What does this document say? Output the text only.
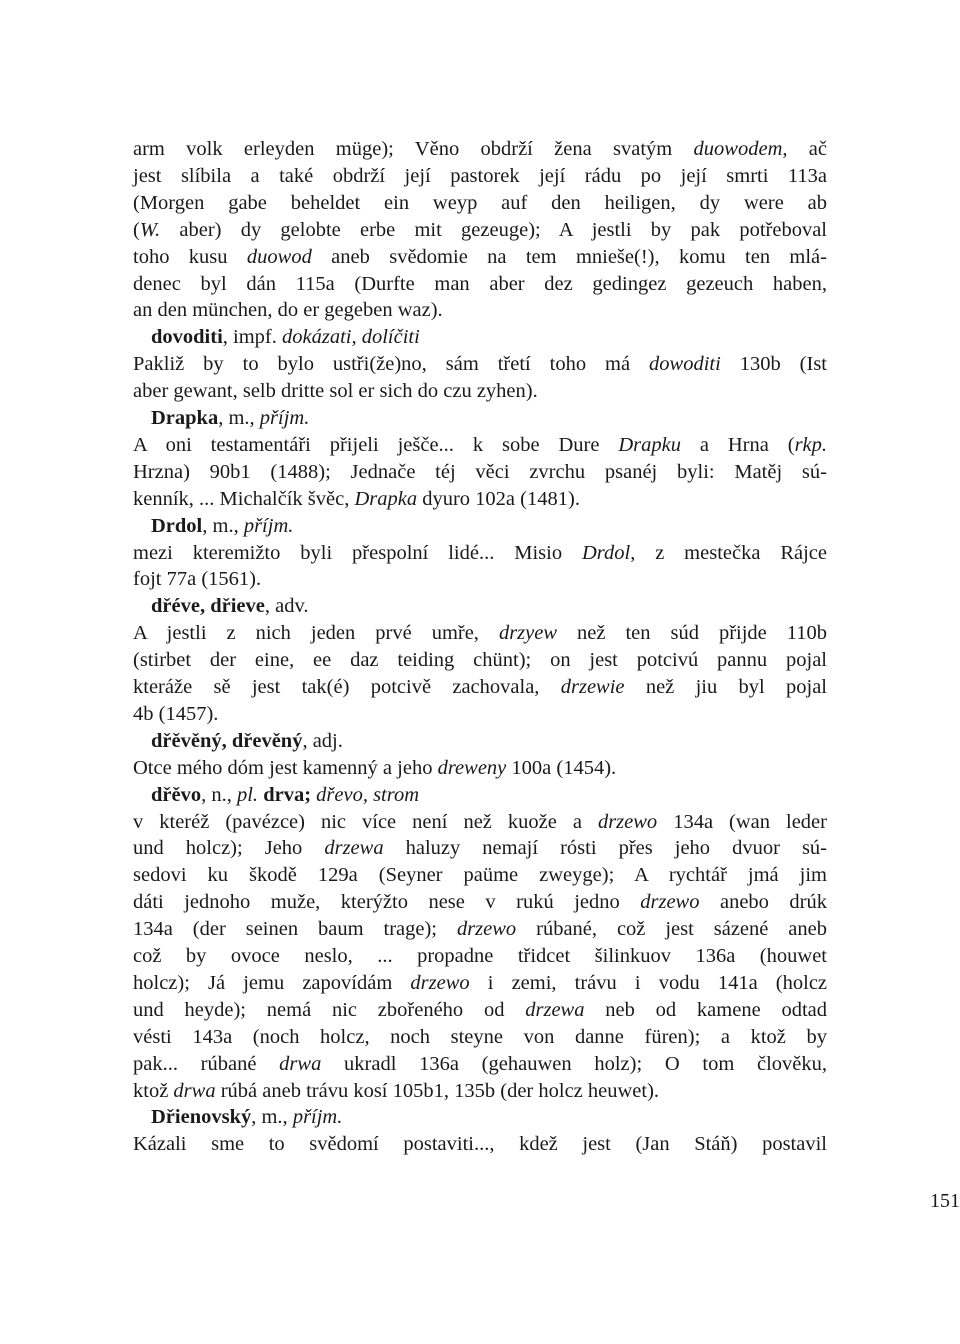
arm volk erleyden müge); Věno obdrží žena svatým duowodem, ač
jest slíbila a také obdrží její pastorek její rádu po její smrti 113a
(Morgen gabe beheldet ein weyp auf den heiligen, dy were ab
(W. aber) dy gelobte erbe mit gezeuge); A jestli by pak potřeboval
toho kusu duowod aneb svědomie na tem mnieše(!), komu ten mlá-
denec byl dán 115a (Durfte man aber dez gedingez gezeuch haben,
an den münchen, do er gegeben waz).
dovoditi, impf. dokázati, dolíčiti
Pakliž by to bylo ustři(že)no, sám třetí toho má dowoditi 130b (Ist
aber gewant, selb dritte sol er sich do czu zyhen).
Drapka, m., příjm.
A oni testamentáři přijeli ješče... k sobe Dure Drapku a Hrna (rkp.
Hrzna) 90b1 (1488); Jednače téj věci zvrchu psanéj byli: Matěj sú-
kenník, ... Michalčík švěc, Drapka dyuro 102a (1481).
Drdol, m., příjm.
mezi kteremižto byli přespolní lidé... Misio Drdol, z mestečka Rájce
fojt 77a (1561).
dřéve, dřieve, adv.
A jestli z nich jeden prvé umře, drzyew než ten súd přijde 110b
(stirbet der eine, ee daz teiding chünt); on jest potcivú pannu pojal
kteráže sě jest tak(é) potcivě zachovala, drzewie než jiu byl pojal
4b (1457).
dřěvěný, dřevěný, adj.
Otce mého dóm jest kamenný a jeho dreweny 100a (1454).
dřěvo, n., pl. drva; dřevo, strom
v kteréž (pavézce) nic více není než kuože a drzewo 134a (wan leder
und holcz); Jeho drzewa haluzy nemají rósti přes jeho dvuor sú-
sedovi ku škodě 129a (Seyner paüme zweyge); A rychtář jmá jim
dáti jednoho muže, kterýžto nese v rukú jedno drzewo anebo drúk
134a (der seinen baum trage); drzewo rúbané, což jest sázené aneb
což by ovoce neslo, ... propadne třidcet šilinkuov 136a (houwet
holcz); Já jemu zapovídám drzewo i zemi, trávu i vodu 141a (holcz
und heyde); nemá nic zbořeného od drzewa neb od kamene odtad
vésti 143a (noch holcz, noch steyne von danne füren); a ktož by
pak... rúbané drwa ukradl 136a (gehauwen holz); O tom člověku,
ktož drwa rúbá aneb trávu kosí 105b1, 135b (der holcz heuwet).
Dřienovský, m., příjm.
Kázali sme to svědomí postaviti..., kdež jest (Jan Stáň) postavil
151
